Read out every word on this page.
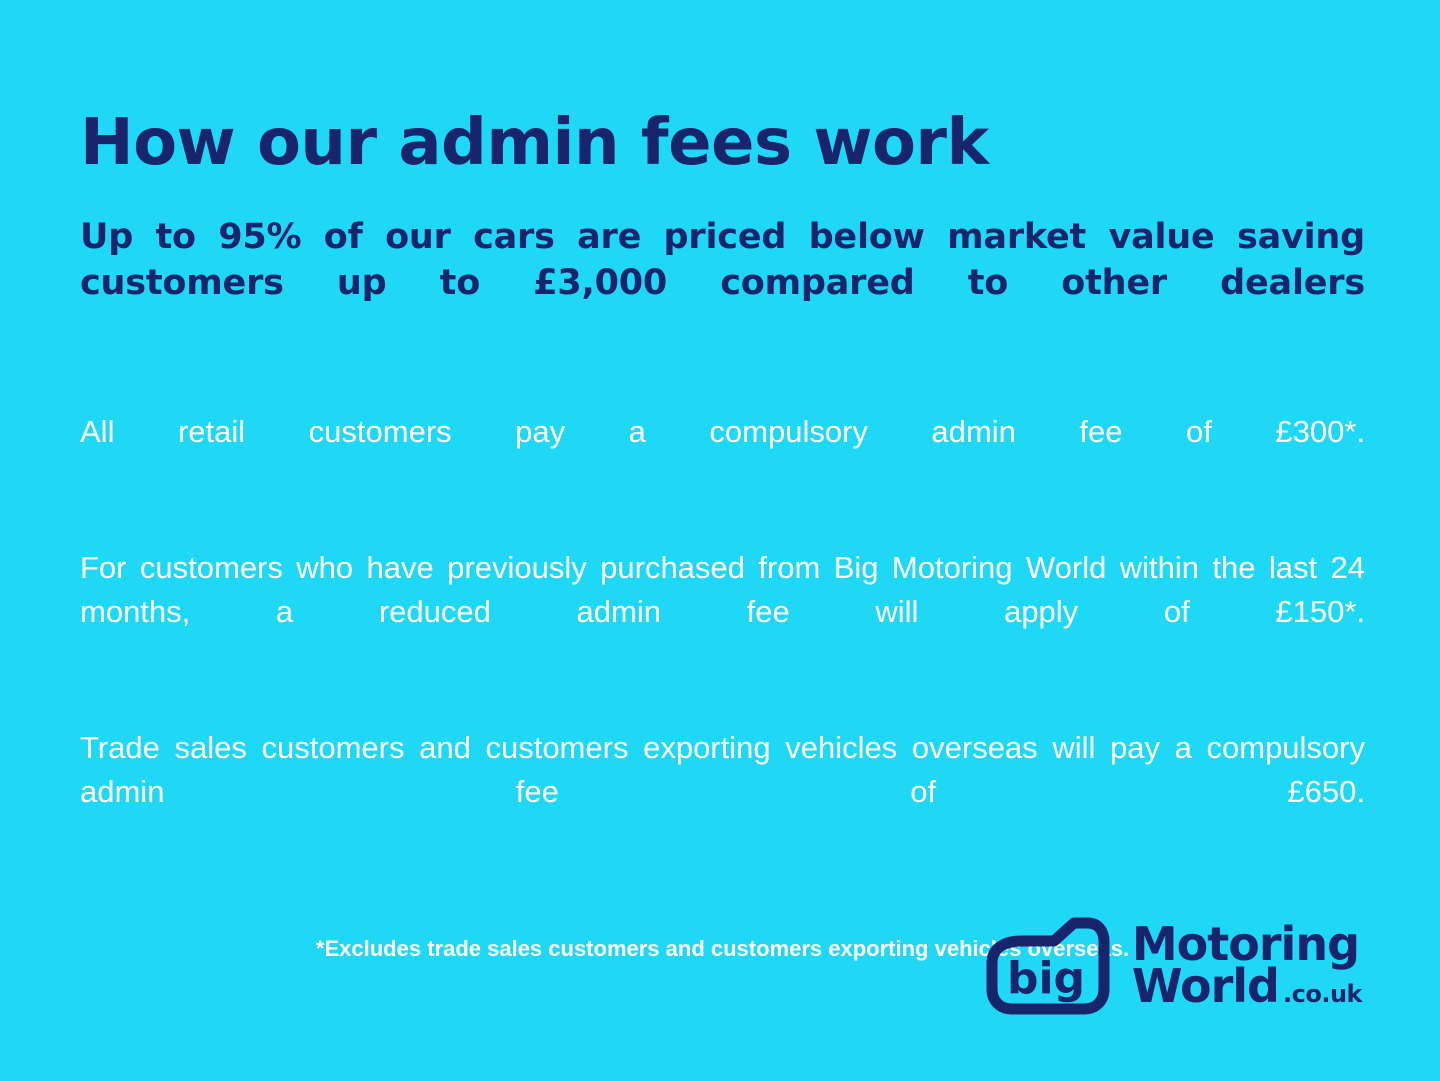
How our admin fees work

Up to 95% of our cars are priced below market value saving customers up to £3,000 compared to other dealers

All retail customers pay a compulsory admin fee of £300*.

For customers who have previously purchased from Big Motoring World within the last 24 months, a reduced admin fee will apply of £150*.

Trade sales customers and customers exporting vehicles overseas will pay a compulsory admin fee of £650.

*Excludes trade sales customers and customers exporting vehicles overseas.

big
Motoring
World .co.uk
